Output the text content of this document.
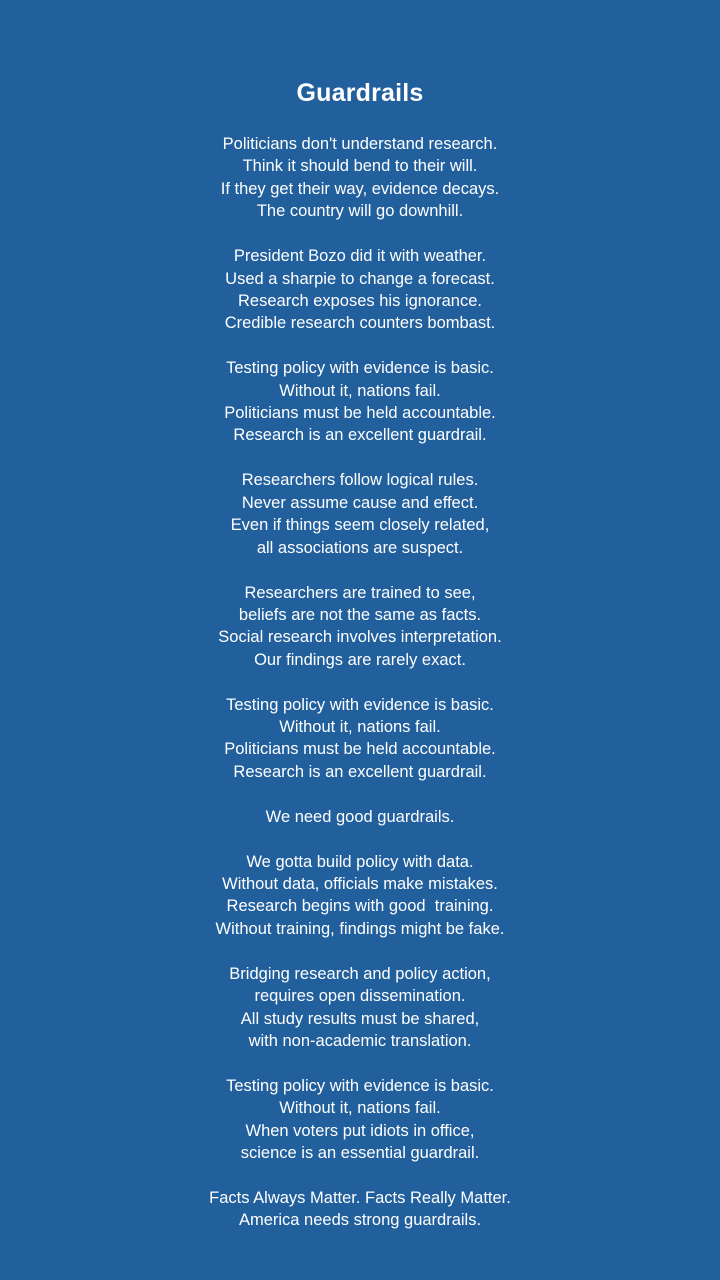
Guardrails
Politicians don't understand research.
Think it should bend to their will.
If they get their way, evidence decays.
The country will go downhill.
President Bozo did it with weather.
Used a sharpie to change a forecast.
Research exposes his ignorance.
Credible research counters bombast.
Testing policy with evidence is basic.
Without it, nations fail.
Politicians must be held accountable.
Research is an excellent guardrail.
Researchers follow logical rules.
Never assume cause and effect.
Even if things seem closely related,
all associations are suspect.
Researchers are trained to see,
beliefs are not the same as facts.
Social research involves interpretation.
Our findings are rarely exact.
Testing policy with evidence is basic.
Without it, nations fail.
Politicians must be held accountable.
Research is an excellent guardrail.
We need good guardrails.
We gotta build policy with data.
Without data, officials make mistakes.
Research begins with good  training.
Without training, findings might be fake.
Bridging research and policy action,
requires open dissemination.
All study results must be shared,
with non-academic translation.
Testing policy with evidence is basic.
Without it, nations fail.
When voters put idiots in office,
science is an essential guardrail.
Facts Always Matter. Facts Really Matter.
America needs strong guardrails.
